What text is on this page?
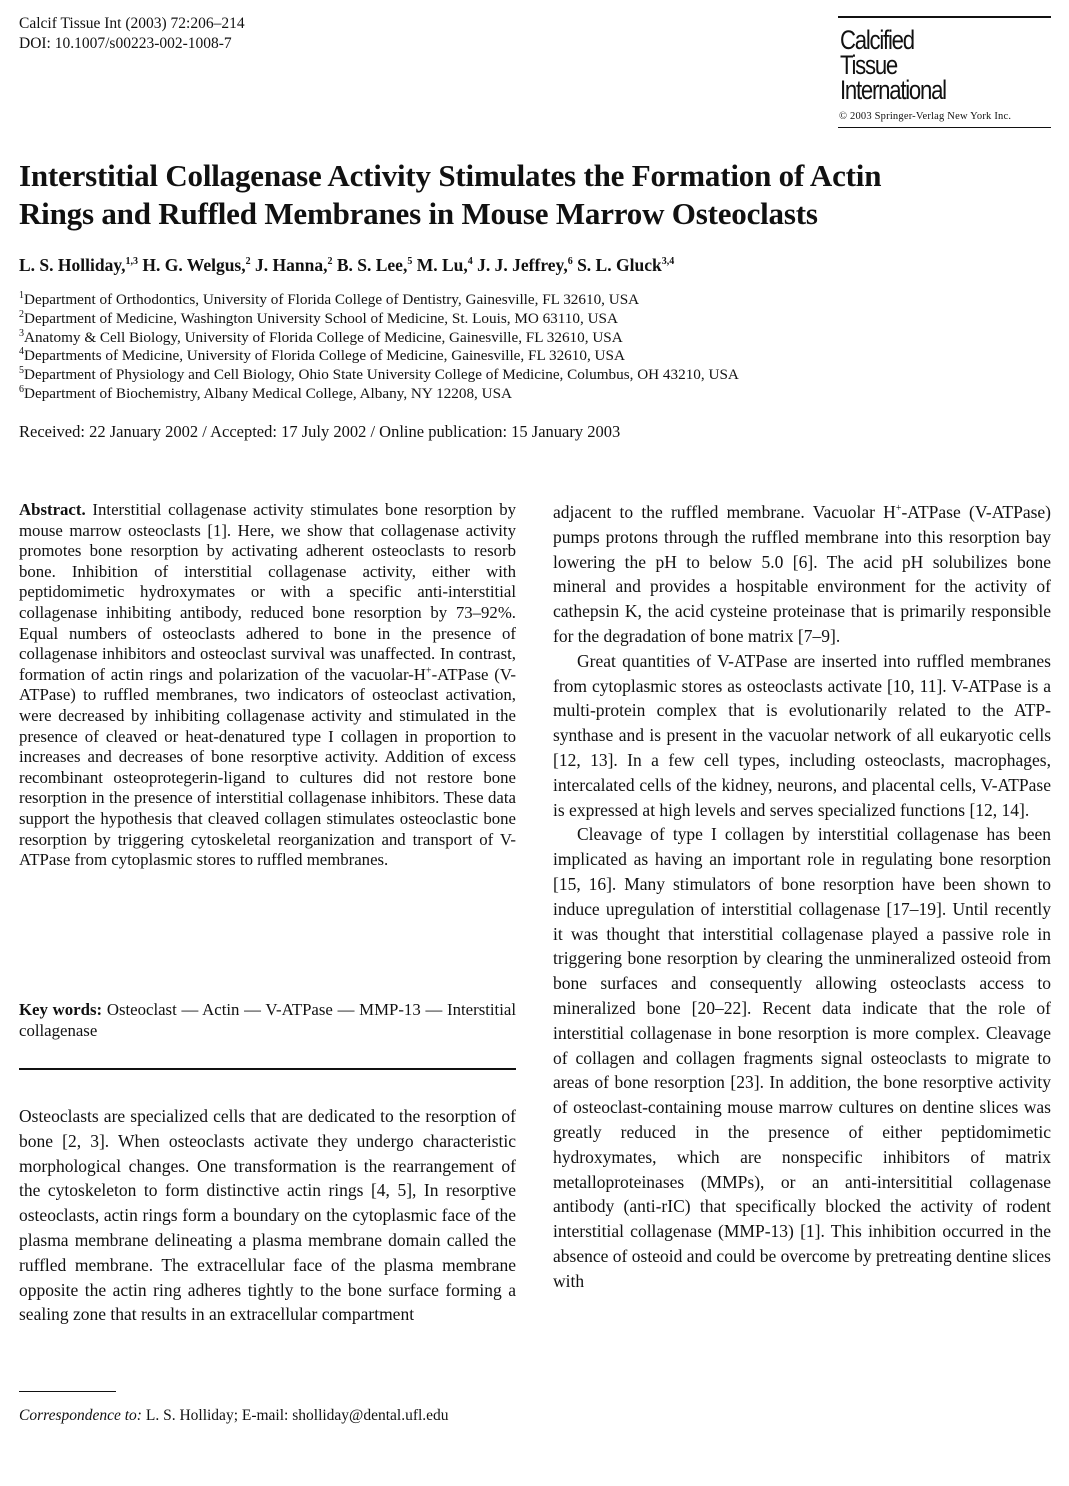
Calcif Tissue Int (2003) 72:206–214
DOI: 10.1007/s00223-002-1008-7	Calcified
Tissue
International
© 2003 Springer-Verlag New York Inc.
Interstitial Collagenase Activity Stimulates the Formation of Actin
Rings and Ruffled Membranes in Mouse Marrow Osteoclasts
L. S. Holliday,$^{1,3}$ H. G. Welgus,$^2$ J. Hanna,$^2$ B. S. Lee,$^5$ M. Lu,$^4$ J. J. Jeffrey,$^6$ S. L. Gluck$^{3,4}$
$^1$Department of Orthodontics, University of Florida College of Dentistry, Gainesville, FL 32610, USA
$^2$Department of Medicine, Washington University School of Medicine, St. Louis, MO 63110, USA
$^3$Anatomy & Cell Biology, University of Florida College of Medicine, Gainesville, FL 32610, USA
$^4$Departments of Medicine, University of Florida College of Medicine, Gainesville, FL 32610, USA
$^5$Department of Physiology and Cell Biology, Ohio State University College of Medicine, Columbus, OH 43210, USA
$^6$Department of Biochemistry, Albany Medical College, Albany, NY 12208, USA
Received: 22 January 2002 / Accepted: 17 July 2002 / Online publication: 15 January 2003
Abstract. Interstitial collagenase activity stimulates bone resorption by mouse marrow osteoclasts [1]. Here, we show that collagenase activity promotes bone resorption by activating adherent osteoclasts to resorb bone. Inhibition of interstitial collagenase activity, either with peptidomimetic hydroxymates or with a specific anti-interstitial collagenase inhibiting antibody, reduced bone resorption by 73–92%. Equal numbers of osteoclasts adhered to bone in the presence of collagenase inhibitors and osteoclast survival was unaffected. In contrast, formation of actin rings and polarization of the vacuolar-H+-ATPase (V-ATPase) to ruffled membranes, two indicators of osteoclast activation, were decreased by inhibiting collagenase activity and stimulated in the presence of cleaved or heat-denatured type I collagen in proportion to increases and decreases of bone resorptive activity. Addition of excess recombinant osteoprotegerin-ligand to cultures did not restore bone resorption in the presence of interstitial collagenase inhibitors. These data support the hypothesis that cleaved collagen stimulates osteoclastic bone resorption by triggering cytoskeletal reorganization and transport of V-ATPase from cytoplasmic stores to ruffled membranes.
Key words: Osteoclast — Actin — V-ATPase — MMP-13 — Interstitial collagenase

Osteoclasts are specialized cells that are dedicated to the resorption of bone [2, 3]. When osteoclasts activate they undergo characteristic morphological changes. One transformation is the rearrangement of the cytoskeleton to form distinctive actin rings [4, 5], In resorptive osteoclasts, actin rings form a boundary on the cytoplasmic face of the plasma membrane delineating a plasma membrane domain called the ruffled membrane. The extracellular face of the plasma membrane opposite the actin ring adheres tightly to the bone surface forming a sealing zone that results in an extracellular compartment

Correspondence to: L. S. Holliday; E-mail: sholliday@dental.ufl.edu

adjacent to the ruffled membrane. Vacuolar H+-ATPase (V-ATPase) pumps protons through the ruffled membrane into this resorption bay lowering the pH to below 5.0 [6]. The acid pH solubilizes bone mineral and provides a hospitable environment for the activity of cathepsin K, the acid cysteine proteinase that is primarily responsible for the degradation of bone matrix [7–9].

Great quantities of V-ATPase are inserted into ruffled membranes from cytoplasmic stores as osteoclasts activate [10, 11]. V-ATPase is a multi-protein complex that is evolutionarily related to the ATP-synthase and is present in the vacuolar network of all eukaryotic cells [12, 13]. In a few cell types, including osteoclasts, macrophages, intercalated cells of the kidney, neurons, and placental cells, V-ATPase is expressed at high levels and serves specialized functions [12, 14].

Cleavage of type I collagen by interstitial collagenase has been implicated as having an important role in regulating bone resorption [15, 16]. Many stimulators of bone resorption have been shown to induce upregulation of interstitial collagenase [17–19]. Until recently it was thought that interstitial collagenase played a passive role in triggering bone resorption by clearing the unmineralized osteoid from bone surfaces and consequently allowing osteoclasts access to mineralized bone [20–22]. Recent data indicate that the role of interstitial collagenase in bone resorption is more complex. Cleavage of collagen and collagen fragments signal osteoclasts to migrate to areas of bone resorption [23]. In addition, the bone resorptive activity of osteoclast-containing mouse marrow cultures on dentine slices was greatly reduced in the presence of either peptidomimetic hydroxymates, which are nonspecific inhibitors of matrix metalloproteinases (MMPs), or an anti-intersititial collagenase antibody (anti-rIC) that specifically blocked the activity of rodent interstitial collagenase (MMP-13) [1]. This inhibition occurred in the absence of osteoid and could be overcome by pretreating dentine slices with
